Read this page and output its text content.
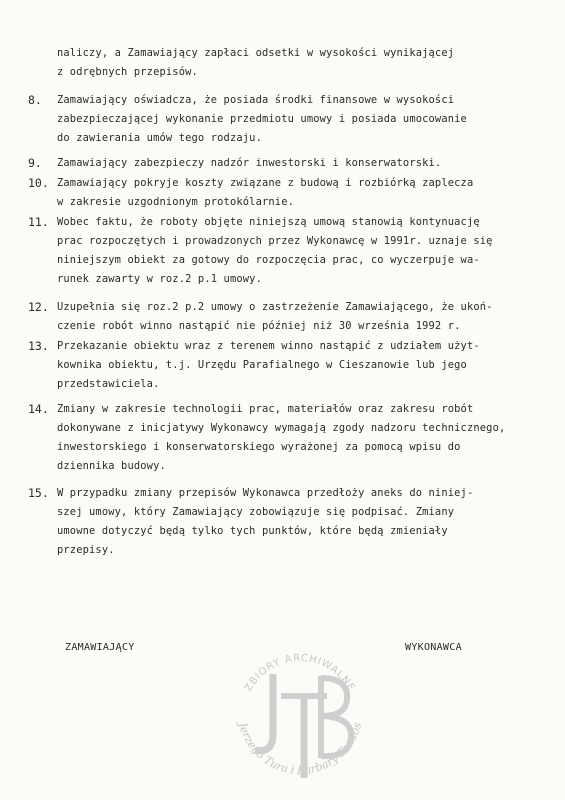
naliczy, a Zamawiający zapłaci odsetki w wysokości wynikającej
z odrębnych przepisów.
8.	Zamawiający oświadcza, że posiada środki finansowe w wysokości
zabezpieczającej wykonanie przedmiotu umowy i posiada umocowanie
do zawierania umów tego rodzaju.
9.	Zamawiający zabezpieczy nadzór inwestorski i konserwatorski.
10. Zamawiający pokryje koszty związane z budową i rozbiórką zaplecza
w zakresie uzgodnionym protokólarnie.
11. Wobec faktu, że roboty objęte niniejszą umową stanowią kontynuację
prac rozpoczętych i prowadzonych przez Wykonawcę w 1991r. uznaje się
niniejszym obiekt za gotowy do rozpoczęcia prac, co wyczerpuje wa-
runek zawarty w roz.2 p.1 umowy.
12. Uzupełnia się roz.2 p.2 umowy o zastrzeżenie Zamawiającego, że ukoń-
czenie robót winno nastąpić nie później niż 30 września 1992 r.
13. Przekazanie obiektu wraz z terenem winno nastąpić z udziałem użyt-
kownika obiektu, t.j. Urzędu Parafialnego w Cieszanowie lub jego
przedstawiciela.
14. Zmiany w zakresie technologii prac, materiałów oraz zakresu robót
dokonywane z inicjatywy Wykonawcy wymagają zgody nadzoru technicznego,
inwestorskiego i konserwatorskiego wyrażonej za pomocą wpisu do
dziennika budowy.
15. W przypadku zmiany przepisów Wykonawca przedłoży aneks do niniej-
szej umowy, który Zamawiający zobowiązuje się podpisać. Zmiany
umowne dotyczyć będą tylko tych punktów, które będą zmieniały
przepisy.
ZAMAWIAJĄCY	WYKONAWCA
ZBIORY ARCHIWALNE
Jerzego Tura i Barbary Tondos
